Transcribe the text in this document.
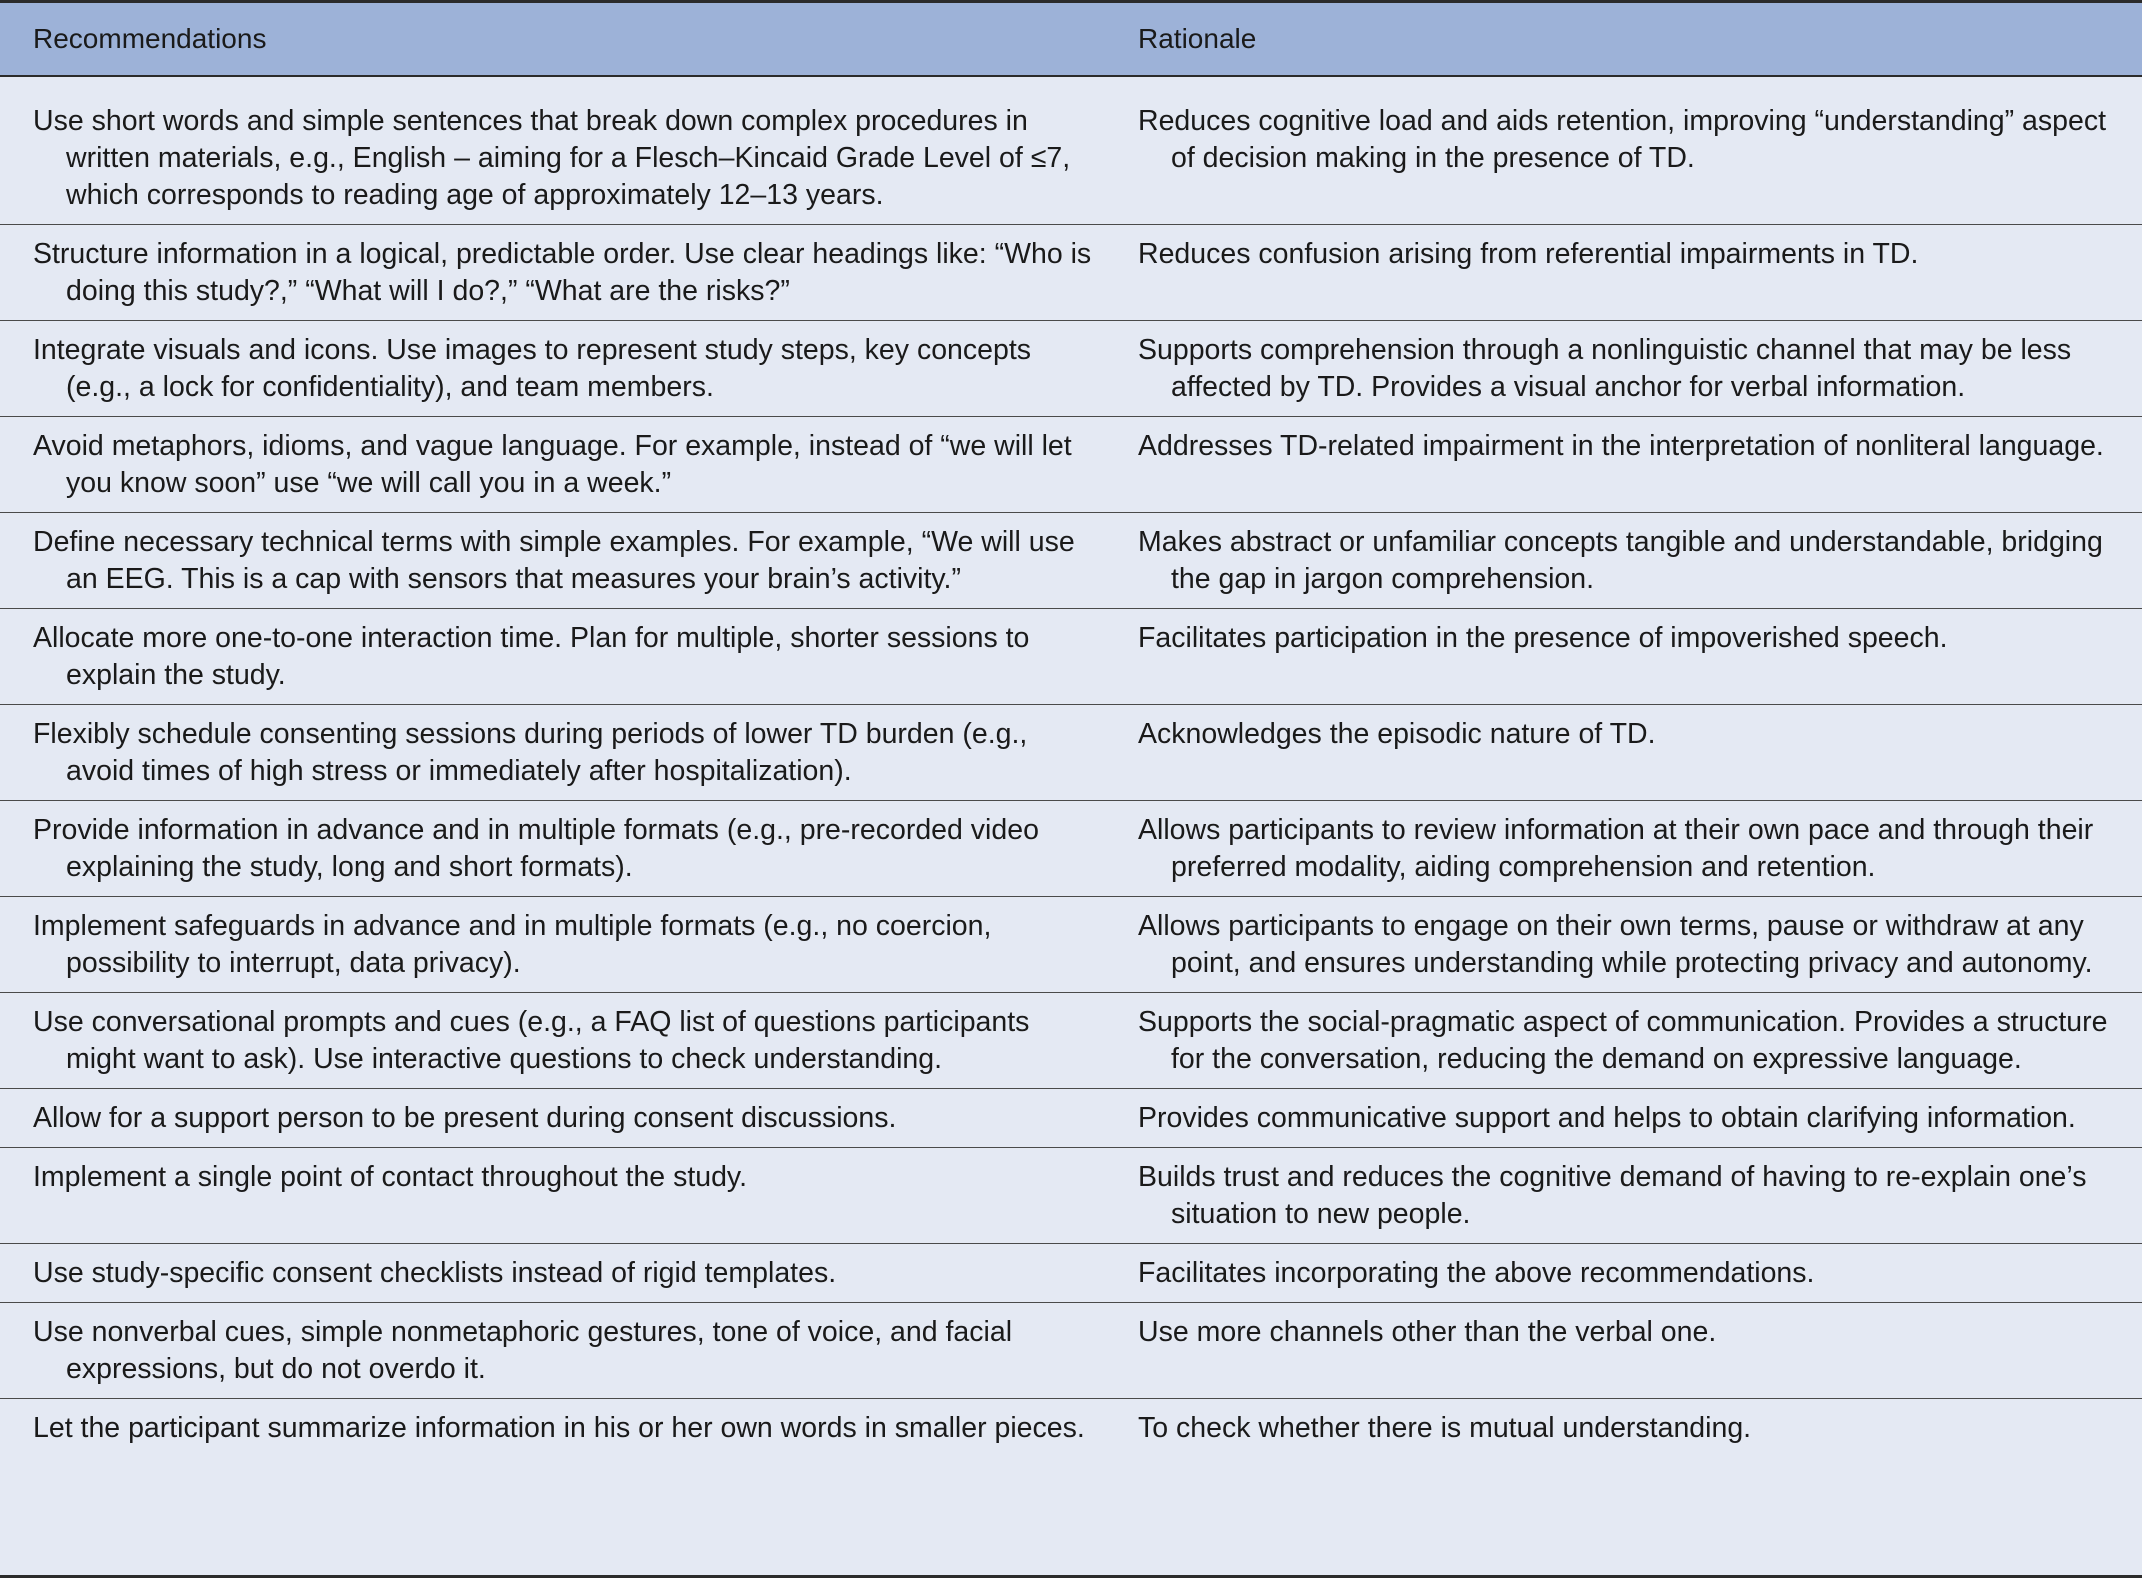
Recommendations	Rationale

Use short words and simple sentences that break down complex procedures in written materials, e.g., English – aiming for a Flesch–Kincaid Grade Level of ≤7, which corresponds to reading age of approximately 12–13 years.	Reduces cognitive load and aids retention, improving “understanding” aspect of decision making in the presence of TD.

Structure information in a logical, predictable order. Use clear headings like: “Who is doing this study?,” “What will I do?,” “What are the risks?”	Reduces confusion arising from referential impairments in TD.

Integrate visuals and icons. Use images to represent study steps, key concepts (e.g., a lock for confidentiality), and team members.	Supports comprehension through a nonlinguistic channel that may be less affected by TD. Provides a visual anchor for verbal information.

Avoid metaphors, idioms, and vague language. For example, instead of “we will let you know soon” use “we will call you in a week.”	Addresses TD-related impairment in the interpretation of nonliteral language.

Define necessary technical terms with simple examples. For example, “We will use an EEG. This is a cap with sensors that measures your brain’s activity.”	Makes abstract or unfamiliar concepts tangible and understandable, bridging the gap in jargon comprehension.

Allocate more one-to-one interaction time. Plan for multiple, shorter sessions to explain the study.	Facilitates participation in the presence of impoverished speech.

Flexibly schedule consenting sessions during periods of lower TD burden (e.g., avoid times of high stress or immediately after hospitalization).	Acknowledges the episodic nature of TD.

Provide information in advance and in multiple formats (e.g., pre-recorded video explaining the study, long and short formats).	Allows participants to review information at their own pace and through their preferred modality, aiding comprehension and retention.

Implement safeguards in advance and in multiple formats (e.g., no coercion, possibility to interrupt, data privacy).	Allows participants to engage on their own terms, pause or withdraw at any point, and ensures understanding while protecting privacy and autonomy.

Use conversational prompts and cues (e.g., a FAQ list of questions participants might want to ask). Use interactive questions to check understanding.	Supports the social-pragmatic aspect of communication. Provides a structure for the conversation, reducing the demand on expressive language.

Allow for a support person to be present during consent discussions.	Provides communicative support and helps to obtain clarifying information.

Implement a single point of contact throughout the study.	Builds trust and reduces the cognitive demand of having to re-explain one’s situation to new people.

Use study-specific consent checklists instead of rigid templates.	Facilitates incorporating the above recommendations.

Use nonverbal cues, simple nonmetaphoric gestures, tone of voice, and facial expressions, but do not overdo it.	Use more channels other than the verbal one.

Let the participant summarize information in his or her own words in smaller pieces.	To check whether there is mutual understanding.
